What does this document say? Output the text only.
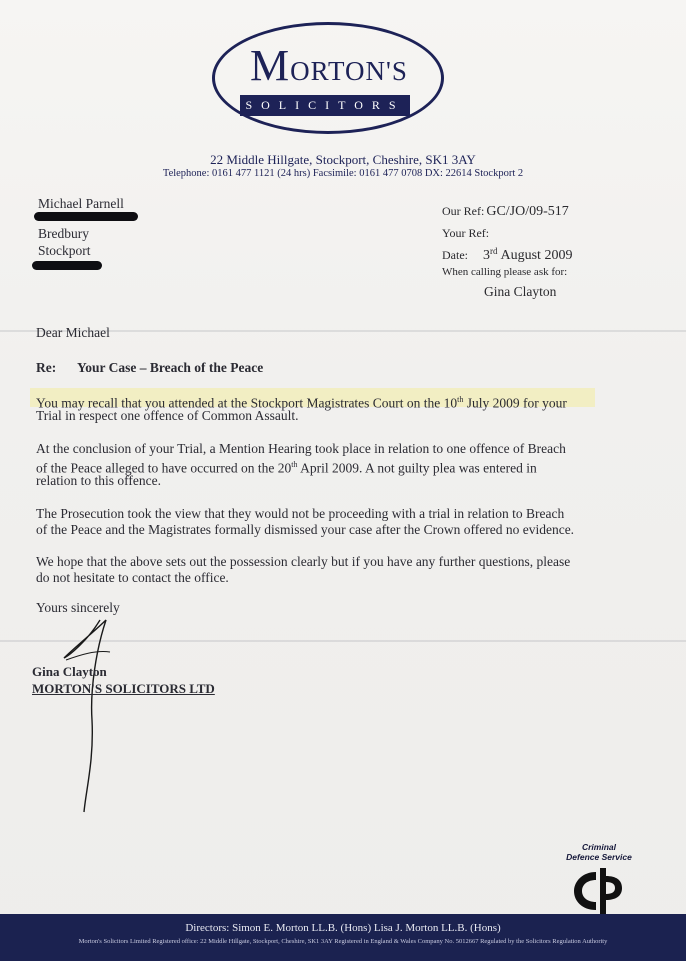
MORTON'S
SOLICITORS
22 Middle Hillgate, Stockport, Cheshire, SK1 3AY
Telephone: 0161 477 1121 (24 hrs) Facsimile: 0161 477 0708 DX: 22614 Stockport 2
Michael Parnell
Bredbury
Stockport
Our Ref: GC/JO/09-517
Your Ref:
Date: 3rd August 2009
When calling please ask for:
Gina Clayton
Dear Michael
Re: Your Case – Breach of the Peace
You may recall that you attended at the Stockport Magistrates Court on the 10th July 2009 for your
Trial in respect one offence of Common Assault.
At the conclusion of your Trial, a Mention Hearing took place in relation to one offence of Breach
of the Peace alleged to have occurred on the 20th April 2009. A not guilty plea was entered in
relation to this offence.
The Prosecution took the view that they would not be proceeding with a trial in relation to Breach
of the Peace and the Magistrates formally dismissed your case after the Crown offered no evidence.
We hope that the above sets out the possession clearly but if you have any further questions, please
do not hesitate to contact the office.
Yours sincerely
Gina Clayton
MORTON'S SOLICITORS LTD
Criminal
Defence Service
Directors: Simon E. Morton LL.B. (Hons) Lisa J. Morton LL.B. (Hons)
Morton's Solicitors Limited Registered office: 22 Middle Hillgate, Stockport, Cheshire, SK1 3AY Registered in England & Wales Company No. 5012667 Regulated by the Solicitors Regulation Authority
